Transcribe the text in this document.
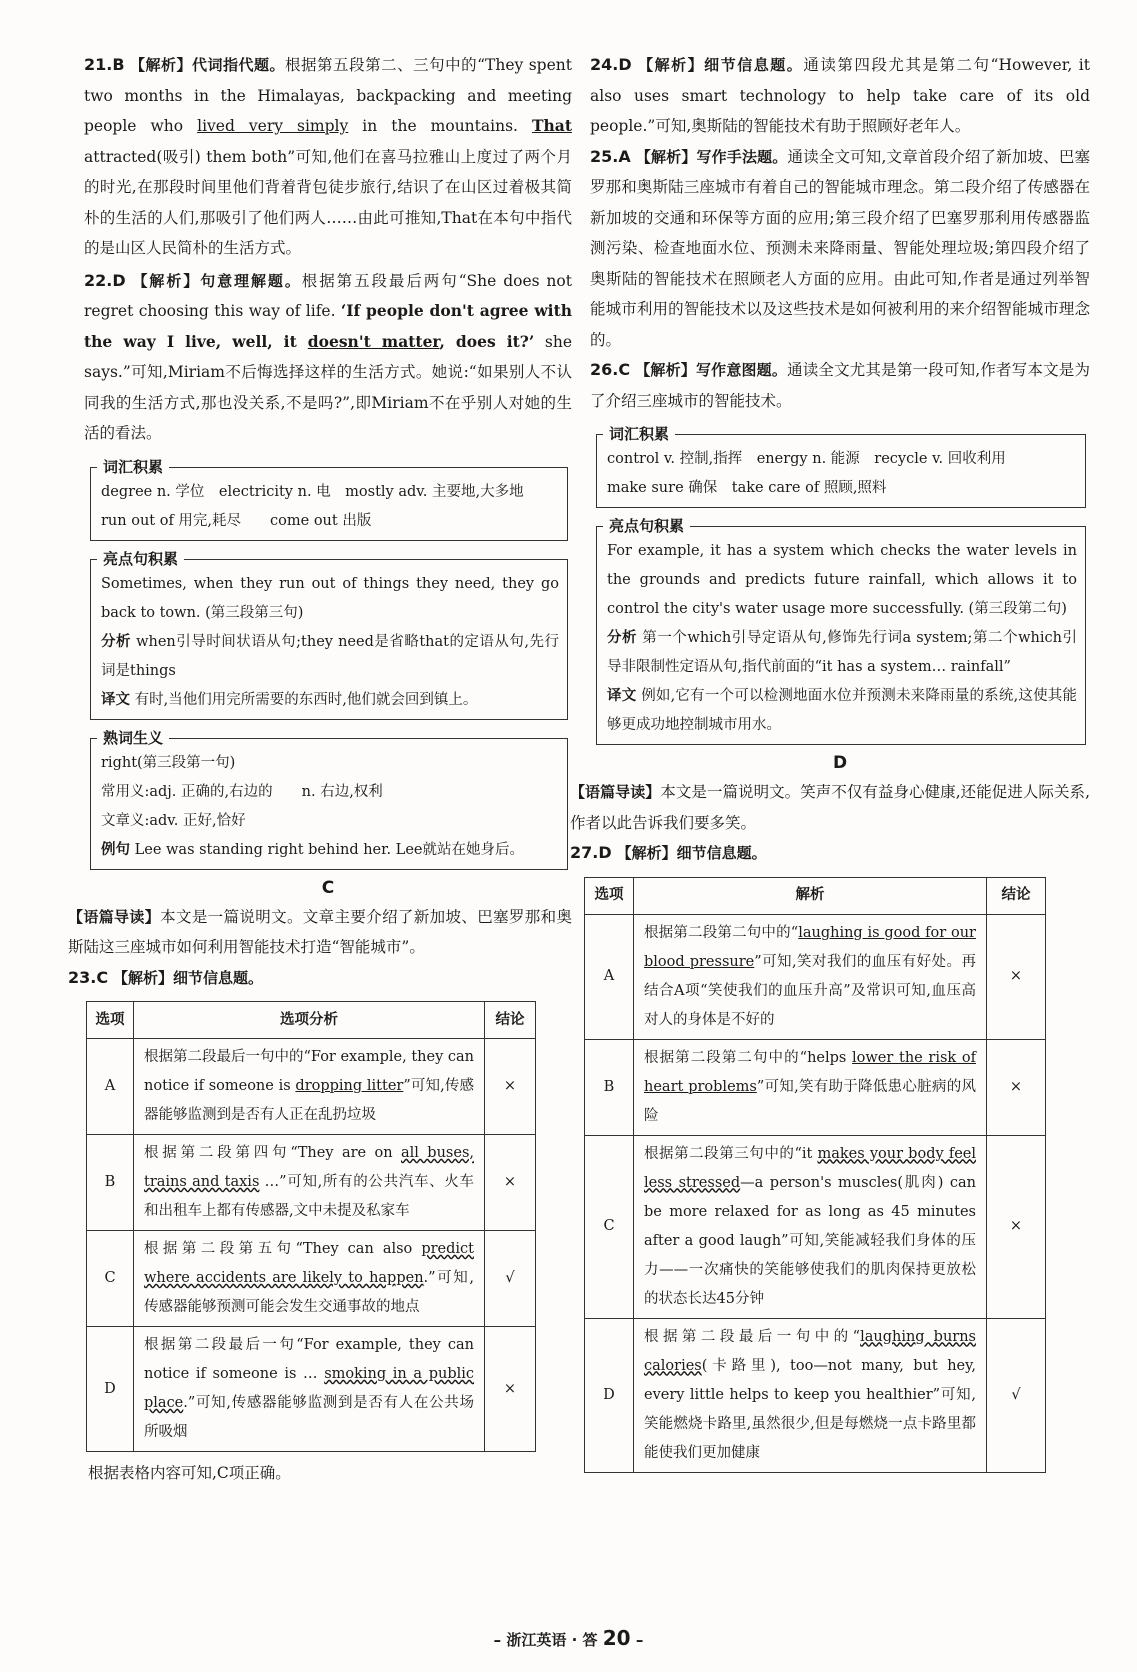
21.B 【解析】代词指代题。根据第五段第二、三句中的“They spent two months in the Himalayas, backpacking and meeting people who lived very simply in the mountains. That attracted(吸引) them both”可知,他们在喜马拉雅山上度过了两个月的时光,在那段时间里他们背着背包徒步旅行,结识了在山区过着极其简朴的生活的人们,那吸引了他们两人……由此可推知,That在本句中指代的是山区人民简朴的生活方式。
22.D 【解析】句意理解题。根据第五段最后两句“She does not regret choosing this way of life. ‘If people don't agree with the way I live, well, it doesn't matter, does it?’ she says.”可知,Miriam不后悔选择这样的生活方式。她说:“如果别人不认同我的生活方式,那也没关系,不是吗?”,即Miriam不在乎别人对她的生活的看法。
词汇积累

degree n. 学位　electricity n. 电　mostly adv. 主要地,大多地

run out of 用完,耗尽　　come out 出版

亮点句积累

Sometimes, when they run out of things they need, they go back to town. (第三段第三句)

分析 when引导时间状语从句;they need是省略that的定语从句,先行词是things

译文 有时,当他们用完所需要的东西时,他们就会回到镇上。

熟词生义

right(第三段第一句)

常用义:adj. 正确的,右边的　　n. 右边,权利

文章义:adv. 正好,恰好

例句 Lee was standing right behind her. Lee就站在她身后。

C
【语篇导读】本文是一篇说明文。文章主要介绍了新加坡、巴塞罗那和奥斯陆这三座城市如何利用智能技术打造“智能城市”。
23.C 【解析】细节信息题。
选项	选项分析	结论
A	根据第二段最后一句中的“For example, they can notice if someone is dropping litter”可知,传感器能够监测到是否有人正在乱扔垃圾	×
B	根据第二段第四句“They are on all buses, trains and taxis …”可知,所有的公共汽车、火车和出租车上都有传感器,文中未提及私家车	×
C	根据第二段第五句“They can also predict where accidents are likely to happen.”可知,传感器能够预测可能会发生交通事故的地点	√
D	根据第二段最后一句“For example, they can notice if someone is … smoking in a public place.”可知,传感器能够监测到是否有人在公共场所吸烟	×
根据表格内容可知,C项正确。
24.D 【解析】细节信息题。通读第四段尤其是第二句“However, it also uses smart technology to help take care of its old people.”可知,奥斯陆的智能技术有助于照顾好老年人。
25.A 【解析】写作手法题。通读全文可知,文章首段介绍了新加坡、巴塞罗那和奥斯陆三座城市有着自己的智能城市理念。第二段介绍了传感器在新加坡的交通和环保等方面的应用;第三段介绍了巴塞罗那利用传感器监测污染、检查地面水位、预测未来降雨量、智能处理垃圾;第四段介绍了奥斯陆的智能技术在照顾老人方面的应用。由此可知,作者是通过列举智能城市利用的智能技术以及这些技术是如何被利用的来介绍智能城市理念的。
26.C 【解析】写作意图题。通读全文尤其是第一段可知,作者写本文是为了介绍三座城市的智能技术。
词汇积累

control v. 控制,指挥　energy n. 能源　recycle v. 回收利用

make sure 确保　take care of 照顾,照料

亮点句积累

For example, it has a system which checks the water levels in the grounds and predicts future rainfall, which allows it to control the city's water usage more successfully. (第三段第二句)

分析 第一个which引导定语从句,修饰先行词a system;第二个which引导非限制性定语从句,指代前面的“it has a system… rainfall”

译文 例如,它有一个可以检测地面水位并预测未来降雨量的系统,这使其能够更成功地控制城市用水。

D
【语篇导读】本文是一篇说明文。笑声不仅有益身心健康,还能促进人际关系,作者以此告诉我们要多笑。
27.D 【解析】细节信息题。
选项	解析	结论
A	根据第二段第二句中的“laughing is good for our blood pressure”可知,笑对我们的血压有好处。再结合A项“笑使我们的血压升高”及常识可知,血压高对人的身体是不好的	×
B	根据第二段第二句中的“helps lower the risk of heart problems”可知,笑有助于降低患心脏病的风险	×
C	根据第二段第三句中的“it makes your body feel less stressed—a person's muscles(肌肉) can be more relaxed for as long as 45 minutes after a good laugh”可知,笑能减轻我们身体的压力——一次痛快的笑能够使我们的肌肉保持更放松的状态长达45分钟	×
D	根据第二段最后一句中的“laughing burns calories(卡路里), too—not many, but hey, every little helps to keep you healthier”可知,笑能燃烧卡路里,虽然很少,但是每燃烧一点卡路里都能使我们更加健康	√
– 浙江英语 · 答 20 –
